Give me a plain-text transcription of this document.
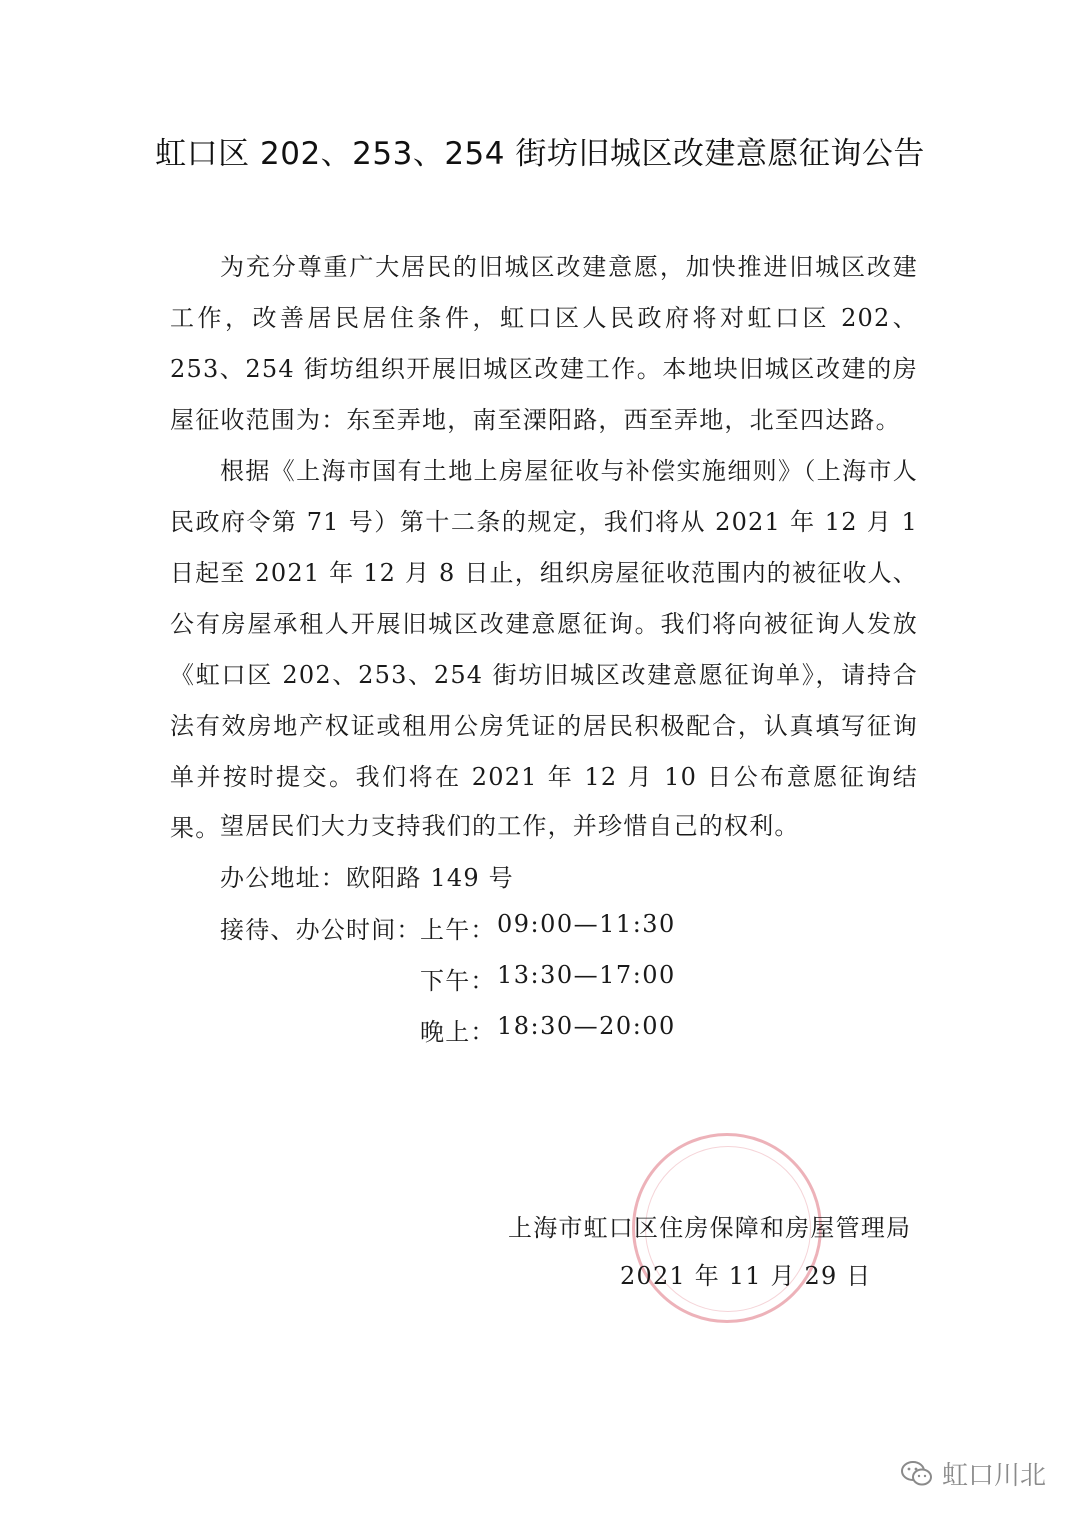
虹口区 202、253、254 街坊旧城区改建意愿征询公告

为充分尊重广大居民的旧城区改建意愿，加快推进旧城区改建工作，改善居民居住条件，虹口区人民政府将对虹口区 202、253、254 街坊组织开展旧城区改建工作。本地块旧城区改建的房屋征收范围为：东至弄地，南至溧阳路，西至弄地，北至四达路。

根据《上海市国有土地上房屋征收与补偿实施细则》（上海市人民政府令第 71 号）第十二条的规定，我们将从 2021 年 12 月 1 日起至 2021 年 12 月 8 日止，组织房屋征收范围内的被征收人、公有房屋承租人开展旧城区改建意愿征询。我们将向被征询人发放《虹口区 202、253、254 街坊旧城区改建意愿征询单》，请持合法有效房地产权证或租用公房凭证的居民积极配合，认真填写征询单并按时提交。我们将在 2021 年 12 月 10 日公布意愿征询结果。 望居民们大力支持我们的工作，并珍惜自己的权利。
办公地址：欧阳路 149 号
接待、办公时间：
上午： 09:00—11:30
下午： 13:30—17:00
晚上： 18:30—20:00
上海市虹口区住房保障和房屋管理局
2021 年 11 月 29 日
虹口川北
